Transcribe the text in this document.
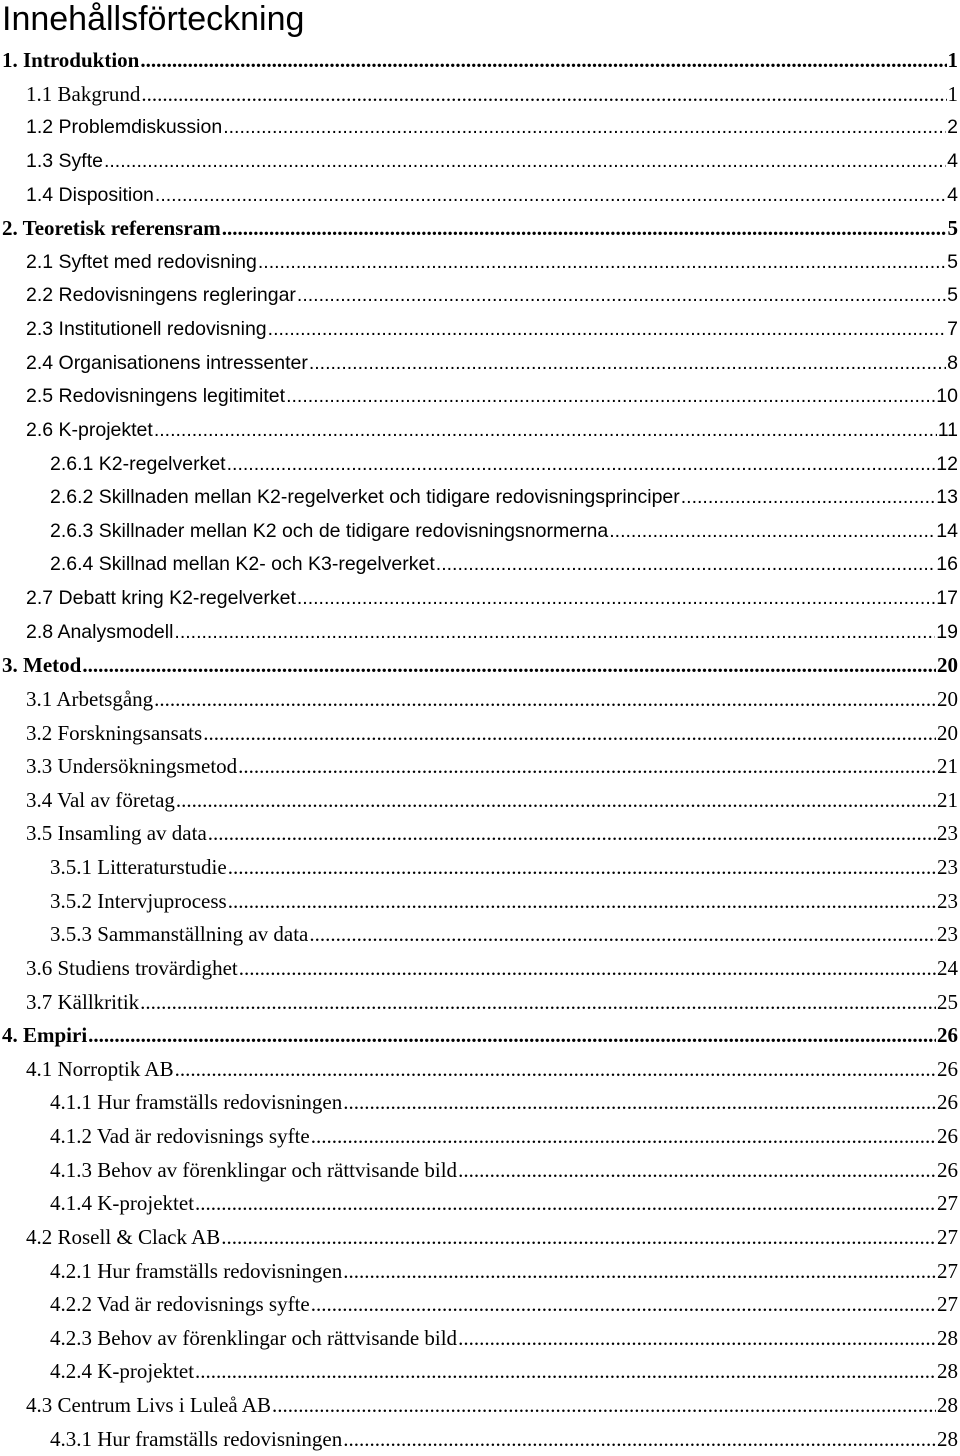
Innehållsförteckning
1. Introduktion .....	1
1.1 Bakgrund .....	1
1.2 Problemdiskussion .....	2
1.3 Syfte .....	4
1.4 Disposition .....	4
2. Teoretisk referensram .....	5
2.1 Syftet med redovisning .....	5
2.2 Redovisningens regleringar .....	5
2.3 Institutionell redovisning .....	7
2.4 Organisationens intressenter .....	8
2.5 Redovisningens legitimitet .....	10
2.6 K-projektet .....	11
2.6.1 K2-regelverket .....	12
2.6.2 Skillnaden mellan K2-regelverket och tidigare redovisningsprinciper .....	13
2.6.3 Skillnader mellan K2 och de tidigare redovisningsnormerna .....	14
2.6.4 Skillnad mellan K2- och K3-regelverket .....	16
2.7 Debatt kring K2-regelverket .....	17
2.8 Analysmodell .....	19
3. Metod .....	20
3.1 Arbetsgång .....	20
3.2 Forskningsansats .....	20
3.3 Undersökningsmetod .....	21
3.4 Val av företag .....	21
3.5 Insamling av data .....	23
3.5.1 Litteraturstudie .....	23
3.5.2 Intervjuprocess .....	23
3.5.3 Sammanställning av data .....	23
3.6 Studiens trovärdighet .....	24
3.7 Källkritik .....	25
4. Empiri .....	26
4.1 Norroptik AB .....	26
4.1.1 Hur framställs redovisningen .....	26
4.1.2 Vad är redovisnings syfte .....	26
4.1.3 Behov av förenklingar och rättvisande bild .....	26
4.1.4 K-projektet .....	27
4.2 Rosell & Clack AB .....	27
4.2.1 Hur framställs redovisningen .....	27
4.2.2 Vad är redovisnings syfte .....	27
4.2.3 Behov av förenklingar och rättvisande bild .....	28
4.2.4 K-projektet .....	28
4.3 Centrum Livs i Luleå AB .....	28
4.3.1 Hur framställs redovisningen .....	28
